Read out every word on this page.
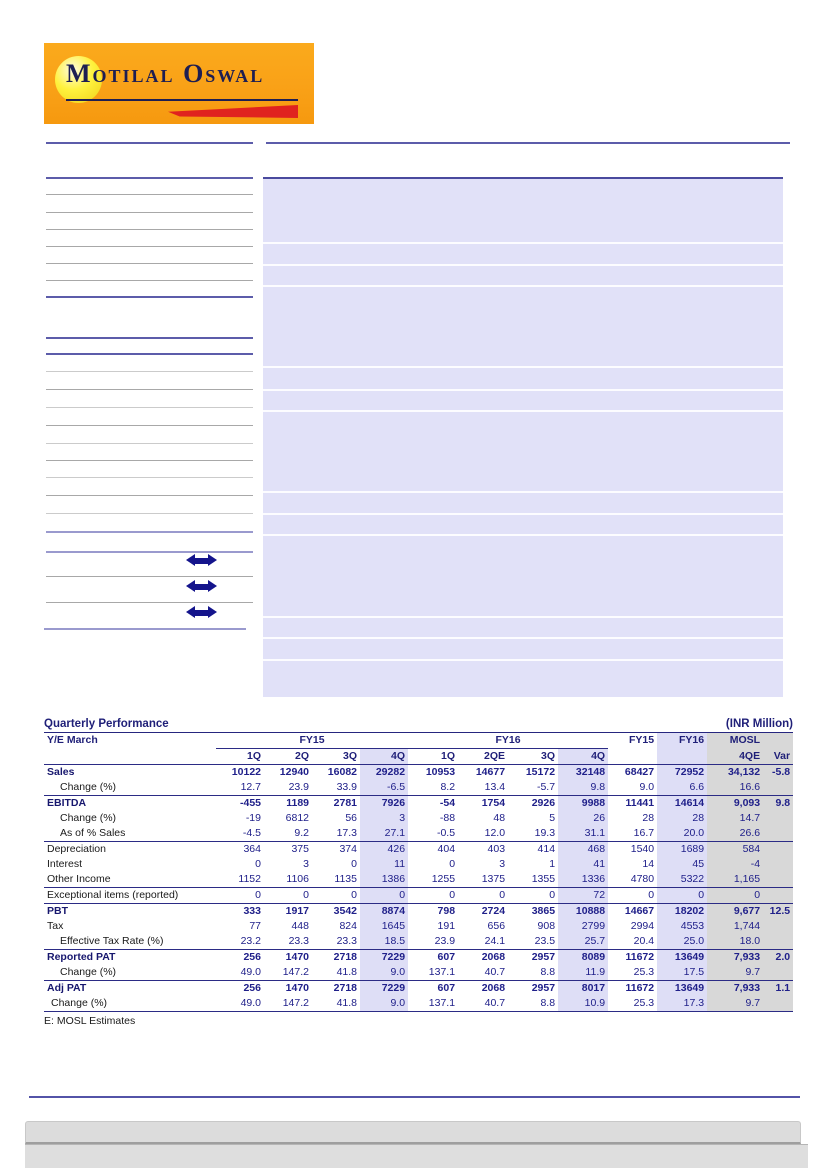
Motilal Oswal
Quarterly Performance	(INR Million)
Y/E March	FY15				FY16				FY15	FY16	MOSL	
	1Q	2Q	3Q	4Q	1Q	2QE	3Q	4Q			4QE	Var
Sales	10122	12940	16082	29282	10953	14677	15172	32148	68427	72952	34,132	-5.8
Change (%)	12.7	23.9	33.9	-6.5	8.2	13.4	-5.7	9.8	9.0	6.6	16.6	
EBITDA	-455	1189	2781	7926	-54	1754	2926	9988	11441	14614	9,093	9.8
Change (%)	-19	6812	56	3	-88	48	5	26	28	28	14.7	
As of % Sales	-4.5	9.2	17.3	27.1	-0.5	12.0	19.3	31.1	16.7	20.0	26.6	
Depreciation	364	375	374	426	404	403	414	468	1540	1689	584	
Interest	0	3	0	11	0	3	1	41	14	45	-4	
Other Income	1152	1106	1135	1386	1255	1375	1355	1336	4780	5322	1,165	
Exceptional items (reported)	0	0	0	0	0	0	0	72	0	0	0	
PBT	333	1917	3542	8874	798	2724	3865	10888	14667	18202	9,677	12.5
Tax	77	448	824	1645	191	656	908	2799	2994	4553	1,744	
Effective Tax Rate (%)	23.2	23.3	23.3	18.5	23.9	24.1	23.5	25.7	20.4	25.0	18.0	
Reported PAT	256	1470	2718	7229	607	2068	2957	8089	11672	13649	7,933	2.0
Change (%)	49.0	147.2	41.8	9.0	137.1	40.7	8.8	11.9	25.3	17.5	9.7	
Adj PAT	256	1470	2718	7229	607	2068	2957	8017	11672	13649	7,933	1.1
Change (%)	49.0	147.2	41.8	9.0	137.1	40.7	8.8	10.9	25.3	17.3	9.7	
E: MOSL Estimates
